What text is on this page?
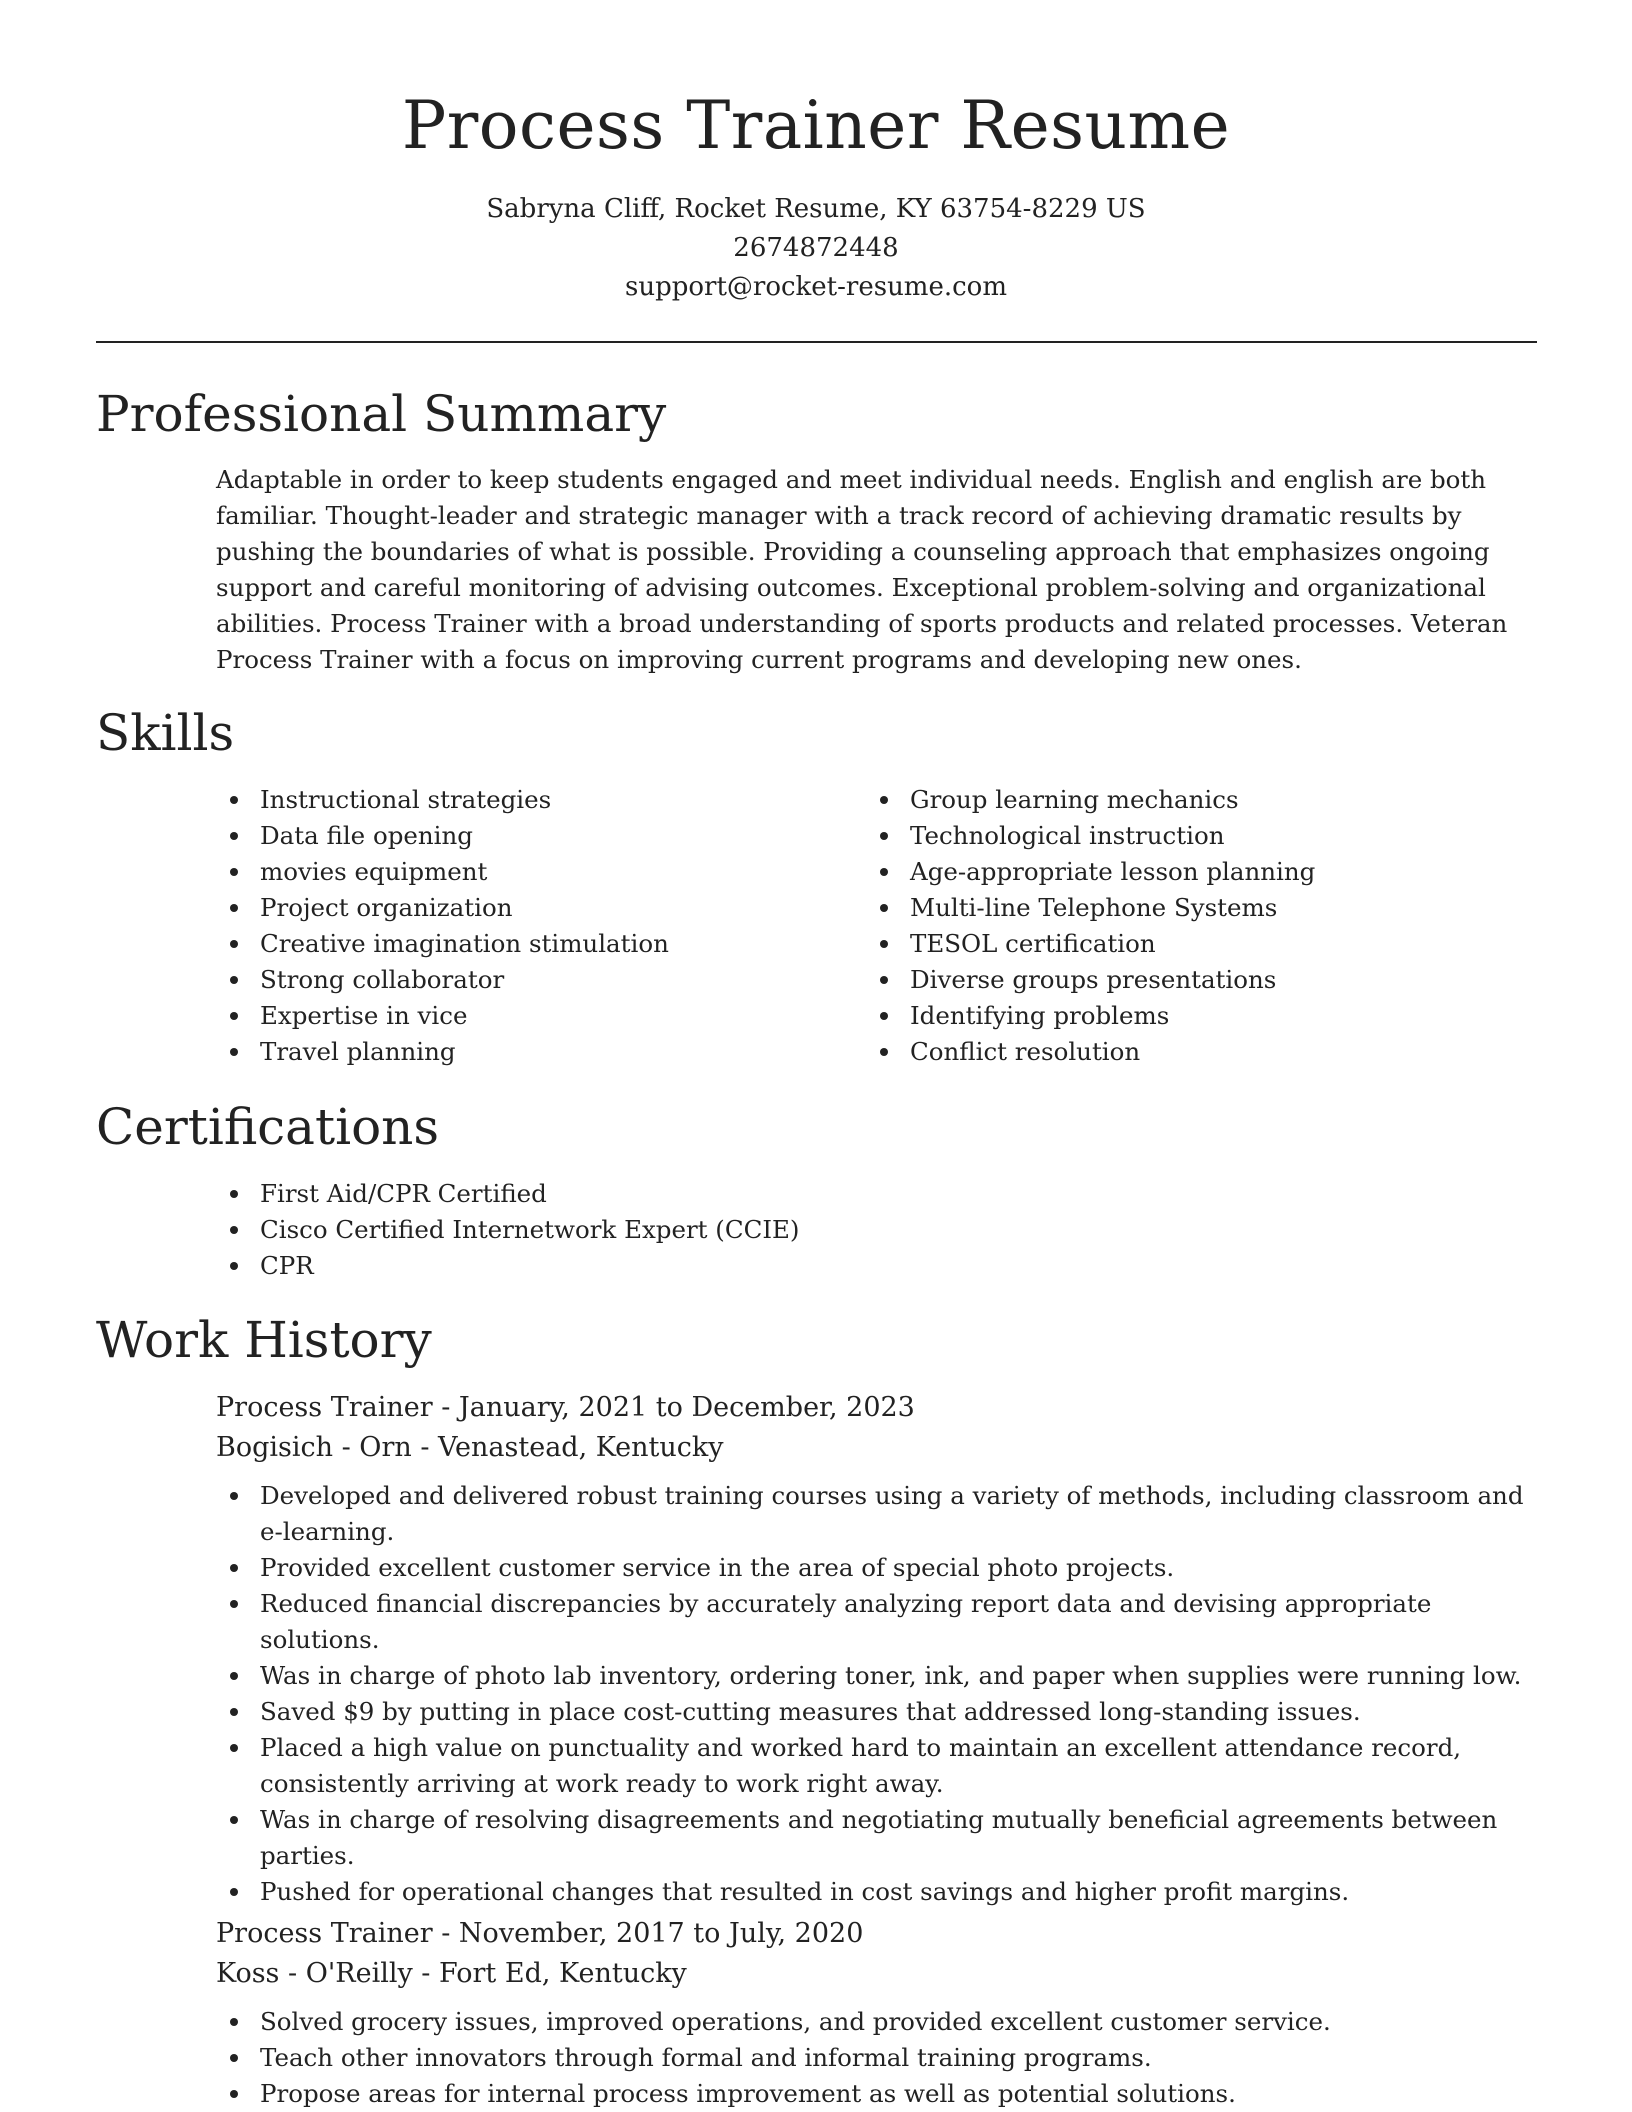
Process Trainer Resume
Sabryna Cliff, Rocket Resume, KY 63754-8229 US
2674872448
support@rocket-resume.com
Professional Summary

Adaptable in order to keep students engaged and meet individual needs. English and english are both familiar. Thought-leader and strategic manager with a track record of achieving dramatic results by pushing the boundaries of what is possible. Providing a counseling approach that emphasizes ongoing support and careful monitoring of advising outcomes. Exceptional problem-solving and organizational abilities. Process Trainer with a broad understanding of sports products and related processes. Veteran Process Trainer with a focus on improving current programs and developing new ones.

Skills
Instructional strategies
Data file opening
movies equipment
Project organization
Creative imagination stimulation
Strong collaborator
Expertise in vice
Travel planning
Group learning mechanics
Technological instruction
Age-appropriate lesson planning
Multi-line Telephone Systems
TESOL certification
Diverse groups presentations
Identifying problems
Conflict resolution
Certifications
First Aid/CPR Certified
Cisco Certified Internetwork Expert (CCIE)
CPR
Work History
Process Trainer - January, 2021 to December, 2023
Bogisich - Orn - Venastead, Kentucky
Developed and delivered robust training courses using a variety of methods, including classroom and e-learning.
Provided excellent customer service in the area of special photo projects.
Reduced financial discrepancies by accurately analyzing report data and devising appropriate solutions.
Was in charge of photo lab inventory, ordering toner, ink, and paper when supplies were running low.
Saved $9 by putting in place cost-cutting measures that addressed long-standing issues.
Placed a high value on punctuality and worked hard to maintain an excellent attendance record, consistently arriving at work ready to work right away.
Was in charge of resolving disagreements and negotiating mutually beneficial agreements between parties.
Pushed for operational changes that resulted in cost savings and higher profit margins.
Process Trainer - November, 2017 to July, 2020
Koss - O'Reilly - Fort Ed, Kentucky
Solved grocery issues, improved operations, and provided excellent customer service.
Teach other innovators through formal and informal training programs.
Propose areas for internal process improvement as well as potential solutions.
